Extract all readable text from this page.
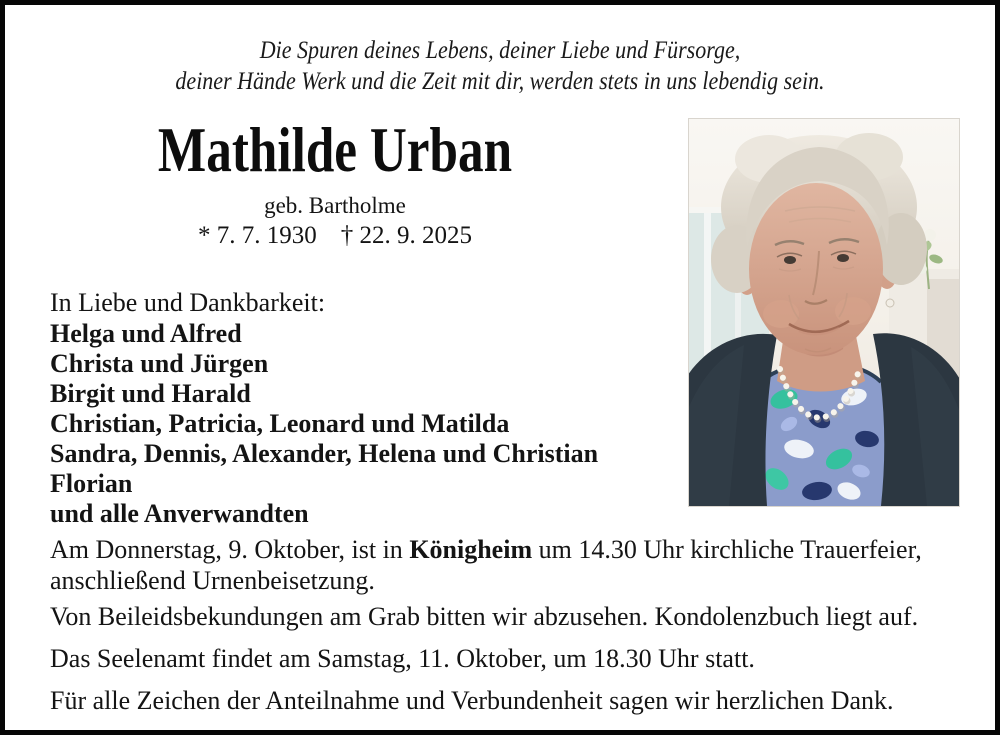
Die Spuren deines Lebens, deiner Liebe und Fürsorge, deiner Hände Werk und die Zeit mit dir, werden stets in uns lebendig sein.
Mathilde Urban
geb. Bartholme
* 7. 7. 1930 † 22. 9. 2025
In Liebe und Dankbarkeit:
Helga und Alfred
Christa und Jürgen
Birgit und Harald
Christian, Patricia, Leonard und Matilda
Sandra, Dennis, Alexander, Helena und Christian
Florian
und alle Anverwandten

Am Donnerstag, 9. Oktober, ist in Königheim um 14.30 Uhr kirchliche Trauerfeier, anschließend Urnenbeisetzung.

Von Beileidsbekundungen am Grab bitten wir abzusehen. Kondolenzbuch liegt auf.

Das Seelenamt findet am Samstag, 11. Oktober, um 18.30 Uhr statt.

Für alle Zeichen der Anteilnahme und Verbundenheit sagen wir herzlichen Dank.
